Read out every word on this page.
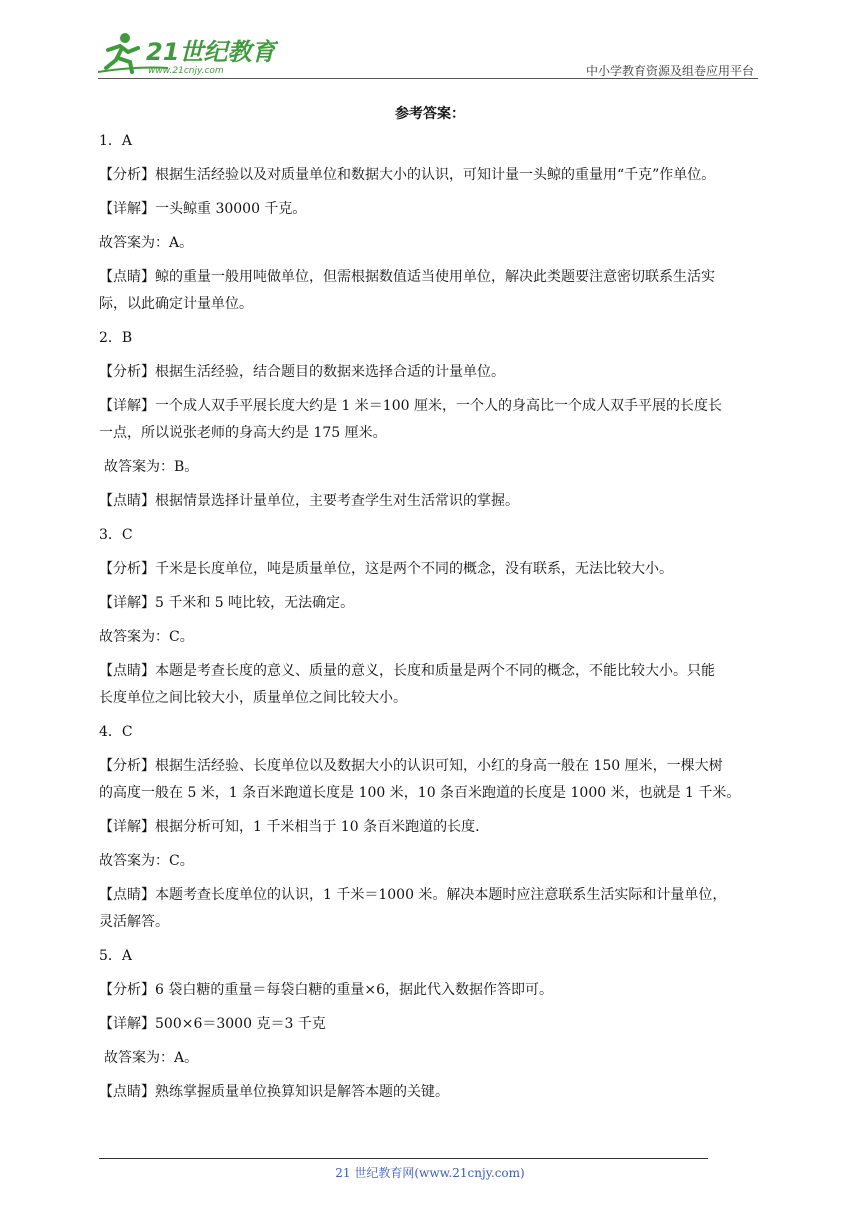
21世纪教育
www.21cnjy.com	中小学教育资源及组卷应用平台
参考答案：

1．A

【分析】根据生活经验以及对质量单位和数据大小的认识，可知计量一头鲸的重量用“千克”作单位。

【详解】一头鲸重 30000 千克。

故答案为：A。

【点睛】鲸的重量一般用吨做单位，但需根据数值适当使用单位，解决此类题要注意密切联系生活实

际，以此确定计量单位。

2．B

【分析】根据生活经验，结合题目的数据来选择合适的计量单位。

【详解】一个成人双手平展长度大约是 1 米＝100 厘米，一个人的身高比一个成人双手平展的长度长

一点，所以说张老师的身高大约是 175 厘米。

故答案为：B。

【点睛】根据情景选择计量单位，主要考查学生对生活常识的掌握。

3．C

【分析】千米是长度单位，吨是质量单位，这是两个不同的概念，没有联系，无法比较大小。

【详解】5 千米和 5 吨比较，无法确定。

故答案为：C。

【点睛】本题是考查长度的意义、质量的意义，长度和质量是两个不同的概念，不能比较大小。只能

长度单位之间比较大小，质量单位之间比较大小。

4．C

【分析】根据生活经验、长度单位以及数据大小的认识可知，小红的身高一般在 150 厘米，一棵大树

的高度一般在 5 米，1 条百米跑道长度是 100 米，10 条百米跑道的长度是 1000 米，也就是 1 千米。

【详解】根据分析可知，1 千米相当于 10 条百米跑道的长度.

故答案为：C。

【点睛】本题考查长度单位的认识，1 千米＝1000 米。解决本题时应注意联系生活实际和计量单位，

灵活解答。

5．A

【分析】6 袋白糖的重量＝每袋白糖的重量×6，据此代入数据作答即可。

【详解】500×6＝3000 克＝3 千克

故答案为：A。

【点睛】熟练掌握质量单位换算知识是解答本题的关键。

21 世纪教育网(www.21cnjy.com)
